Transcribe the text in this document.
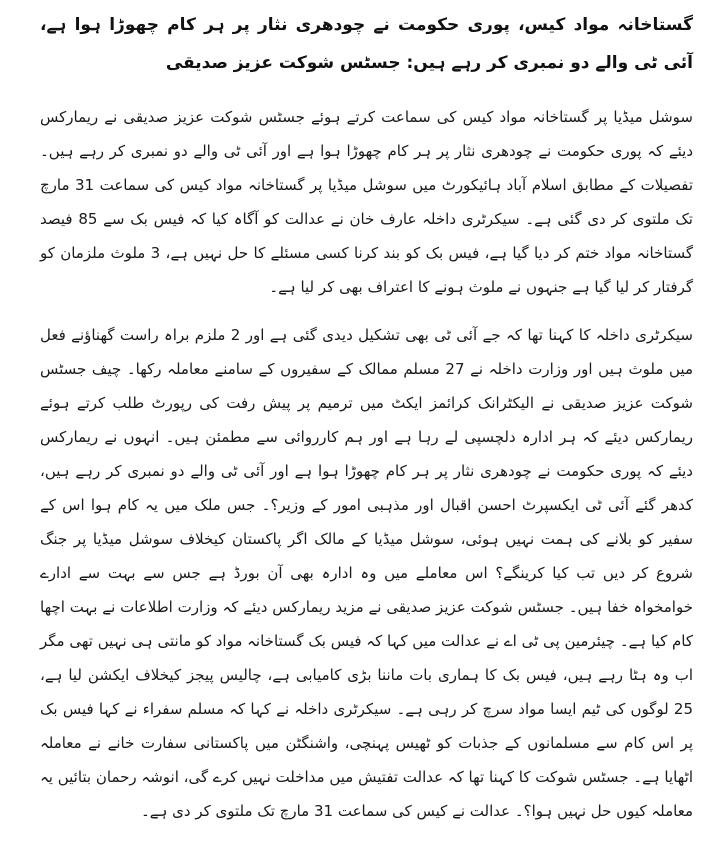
گستاخانہ مواد کیس، پوری حکومت نے چودھری نثار پر ہر کام چھوڑا ہوا ہے، آئی ٹی والے دو نمبری کر رہے ہیں: جسٹس شوکت عزیز صدیقی

سوشل میڈیا پر گستاخانہ مواد کیس کی سماعت کرتے ہوئے جسٹس شوکت عزیز صدیقی نے ریمارکس دیئے کہ پوری حکومت نے چودھری نثار پر ہر کام چھوڑا ہوا ہے اور آئی ٹی والے دو نمبری کر رہے ہیں۔ تفصیلات کے مطابق اسلام آباد ہائیکورٹ میں سوشل میڈیا پر گستاخانہ مواد کیس کی سماعت 31 مارچ تک ملتوی کر دی گئی ہے۔ سیکرٹری داخلہ عارف خان نے عدالت کو آگاہ کیا کہ فیس بک سے 85 فیصد گستاخانہ مواد ختم کر دیا گیا ہے، فیس بک کو بند کرنا کسی مسئلے کا حل نہیں ہے، 3 ملوث ملزمان کو گرفتار کر لیا گیا ہے جنہوں نے ملوث ہونے کا اعتراف بھی کر لیا ہے۔

سیکرٹری داخلہ کا کہنا تھا کہ جے آئی ٹی بھی تشکیل دیدی گئی ہے اور 2 ملزم براہ راست گھناؤنے فعل میں ملوث ہیں اور وزارت داخلہ نے 27 مسلم ممالک کے سفیروں کے سامنے معاملہ رکھا۔ چیف جسٹس شوکت عزیز صدیقی نے الیکٹرانک کرائمز ایکٹ میں ترمیم پر پیش رفت کی رپورٹ طلب کرتے ہوئے ریمارکس دیئے کہ ہر ادارہ دلچسپی لے رہا ہے اور ہم کارروائی سے مطمئن ہیں۔ انہوں نے ریمارکس دیئے کہ پوری حکومت نے چودھری نثار پر ہر کام چھوڑا ہوا ہے اور آئی ٹی والے دو نمبری کر رہے ہیں، کدھر گئے آئی ٹی ایکسپرٹ احسن اقبال اور مذہبی امور کے وزیر؟۔ جس ملک میں یہ کام ہوا اس کے سفیر کو بلانے کی ہمت نہیں ہوئی، سوشل میڈیا کے مالک اگر پاکستان کیخلاف سوشل میڈیا پر جنگ شروع کر دیں تب کیا کرینگے؟ اس معاملے میں وہ ادارہ بھی آن بورڈ ہے جس سے بہت سے ادارے خوامخواہ خفا ہیں۔ جسٹس شوکت عزیز صدیقی نے مزید ریمارکس دیئے کہ وزارت اطلاعات نے بہت اچھا کام کیا ہے۔ چیئرمین پی ٹی اے نے عدالت میں کہا کہ فیس بک گستاخانہ مواد کو مانتی ہی نہیں تھی مگر اب وہ ہٹا رہے ہیں، فیس بک کا ہماری بات ماننا بڑی کامیابی ہے، چالیس پیجز کیخلاف ایکشن لیا ہے، 25 لوگوں کی ٹیم ایسا مواد سرچ کر رہی ہے۔ سیکرٹری داخلہ نے کہا کہ مسلم سفراء نے کہا فیس بک پر اس کام سے مسلمانوں کے جذبات کو ٹھیس پہنچی، واشنگٹن میں پاکستانی سفارت خانے نے معاملہ اٹھایا ہے۔ جسٹس شوکت کا کہنا تھا کہ عدالت تفتیش میں مداخلت نہیں کرے گی، انوشہ رحمان بتائیں یہ معاملہ کیوں حل نہیں ہوا؟۔ عدالت نے کیس کی سماعت 31 مارچ تک ملتوی کر دی ہے۔
